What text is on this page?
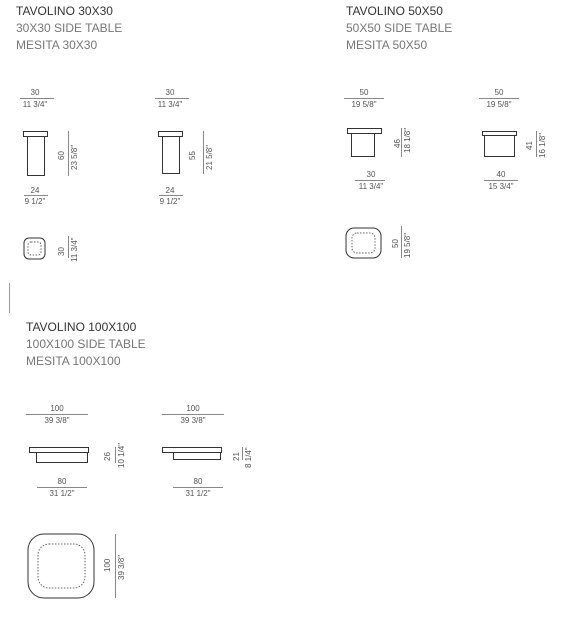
TAVOLINO 30X30
30X30 SIDE TABLE
MESITA 30X30
TAVOLINO 50X50
50X50 SIDE TABLE
MESITA 50X50
TAVOLINO 100X100
100X100 SIDE TABLE
MESITA 100X100
30
11 3/4"
60 23 5/8"
24
9 1/2"
30
11 3/4"
55 21 5/8"
24
9 1/2"
30 11 3/4"
50
19 5/8"
46 18 1/8"
30
11 3/4"
50
19 5/8"
41 16 1/8"
40
15 3/4"
50 19 5/8"
100
39 3/8"
26 10 1/4"
80
31 1/2"
100
39 3/8"
21 8 1/4"
80
31 1/2"
100 39 3/8"
